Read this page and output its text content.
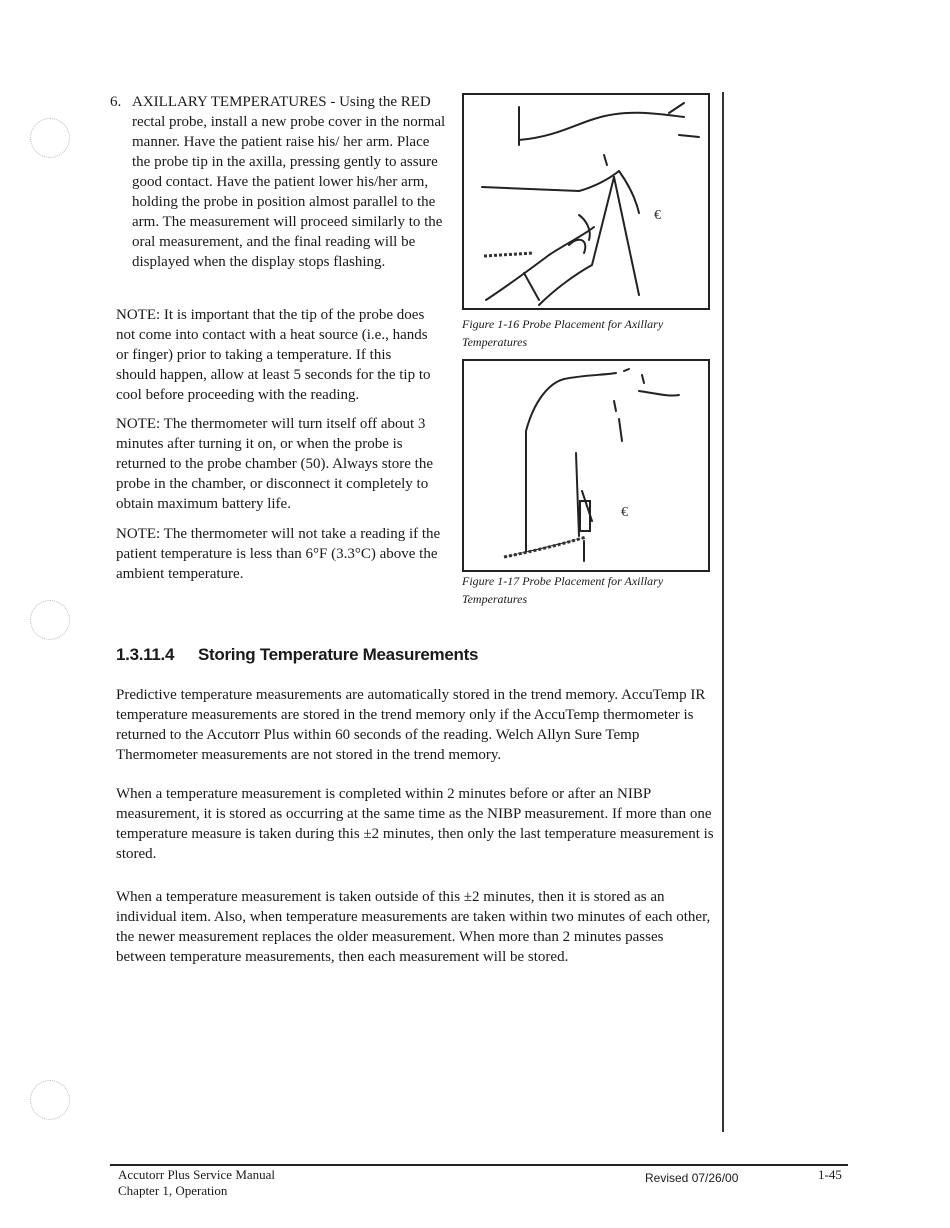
6. AXILLARY TEMPERATURES - Using the RED rectal probe, install a new probe cover in the normal manner. Have the patient raise his/ her arm. Place the probe tip in the axilla, pressing gently to assure good contact. Have the patient lower his/her arm, holding the probe in position almost parallel to the arm. The measurement will proceed similarly to the oral measurement, and the final reading will be displayed when the display stops flashing.

NOTE: It is important that the tip of the probe does not come into contact with a heat source (i.e., hands or finger) prior to taking a temperature. If this should happen, allow at least 5 seconds for the tip to cool before proceeding with the reading.

NOTE: The thermometer will turn itself off about 3 minutes after turning it on, or when the probe is returned to the probe chamber (50). Always store the probe in the chamber, or disconnect it completely to obtain maximum battery life.

NOTE: The thermometer will not take a reading if the patient temperature is less than 6°F (3.3°C) above the ambient temperature.

€
Figure 1-16 Probe Placement for Axillary Temperatures
€
Figure 1-17 Probe Placement for Axillary Temperatures
1.3.11.4 Storing Temperature Measurements

Predictive temperature measurements are automatically stored in the trend memory. AccuTemp IR temperature measurements are stored in the trend memory only if the AccuTemp thermometer is returned to the Accutorr Plus within 60 seconds of the reading. Welch Allyn Sure Temp Thermometer measurements are not stored in the trend memory.

When a temperature measurement is completed within 2 minutes before or after an NIBP measurement, it is stored as occurring at the same time as the NIBP measurement. If more than one temperature measure is taken during this ±2 minutes, then only the last temperature measurement is stored.

When a temperature measurement is taken outside of this ±2 minutes, then it is stored as an individual item. Also, when temperature measurements are taken within two minutes of each other, the newer measurement replaces the older measurement. When more than 2 minutes passes between temperature measurements, then each measurement will be stored.

Accutorr Plus Service Manual
Chapter 1, Operation
Revised 07/26/00	1-45
